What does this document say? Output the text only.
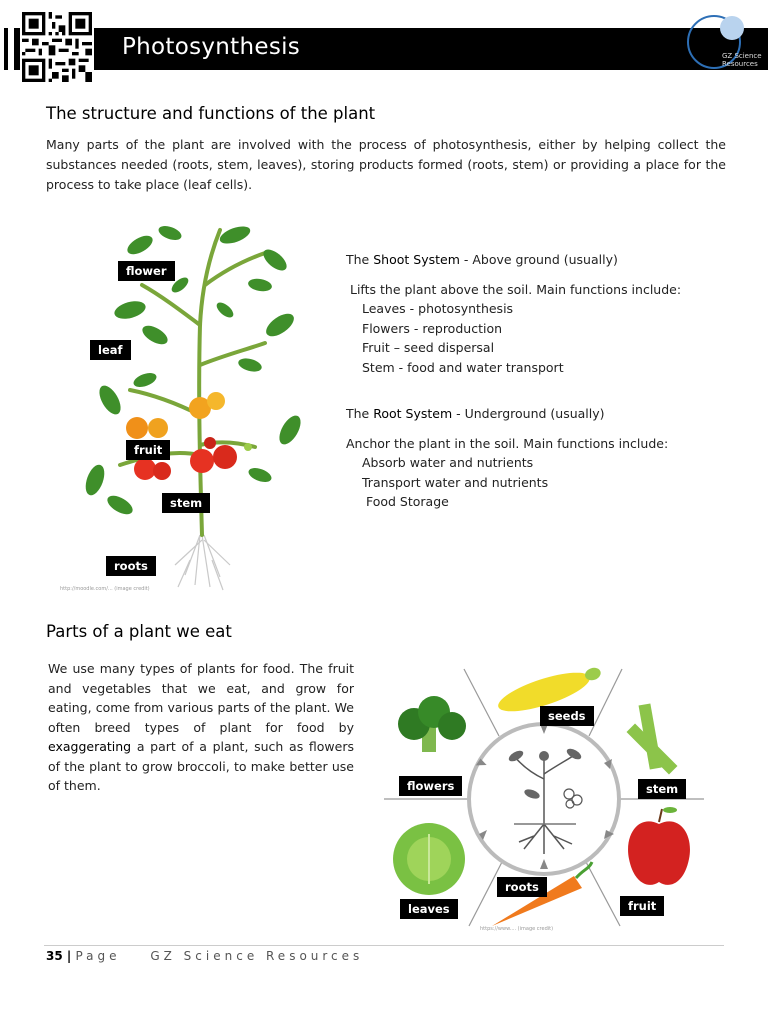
Photosynthesis	GZ Science
Resources
The structure and functions of the plant
Many parts of the plant are involved with the process of photosynthesis, either by helping collect the substances needed (roots, stem, leaves), storing products formed (roots, stem) or providing a place for the process to take place (leaf cells).
flower
leaf
fruit
stem
roots
http://moodle.com/... (image credit)
The Shoot System - Above ground (usually)
Lifts the plant above the soil. Main functions include:
Leaves - photosynthesis
Flowers - reproduction
Fruit – seed dispersal
Stem - food and water transport
The Root System - Underground (usually)
Anchor the plant in the soil. Main functions include:
Absorb water and nutrients
Transport water and nutrients
Food Storage
Parts of a plant we eat
We use many types of plants for food. The fruit and vegetables that we eat, and grow for eating, come from various parts of the plant. We often breed types of plant for food by exaggerating a part of a plant, such as flowers of the plant to grow broccoli, to make better use of them.
seeds
flowers	stem
roots
leaves	fruit
https://www.... (image credit)
35 | Page GZ Science Resources
